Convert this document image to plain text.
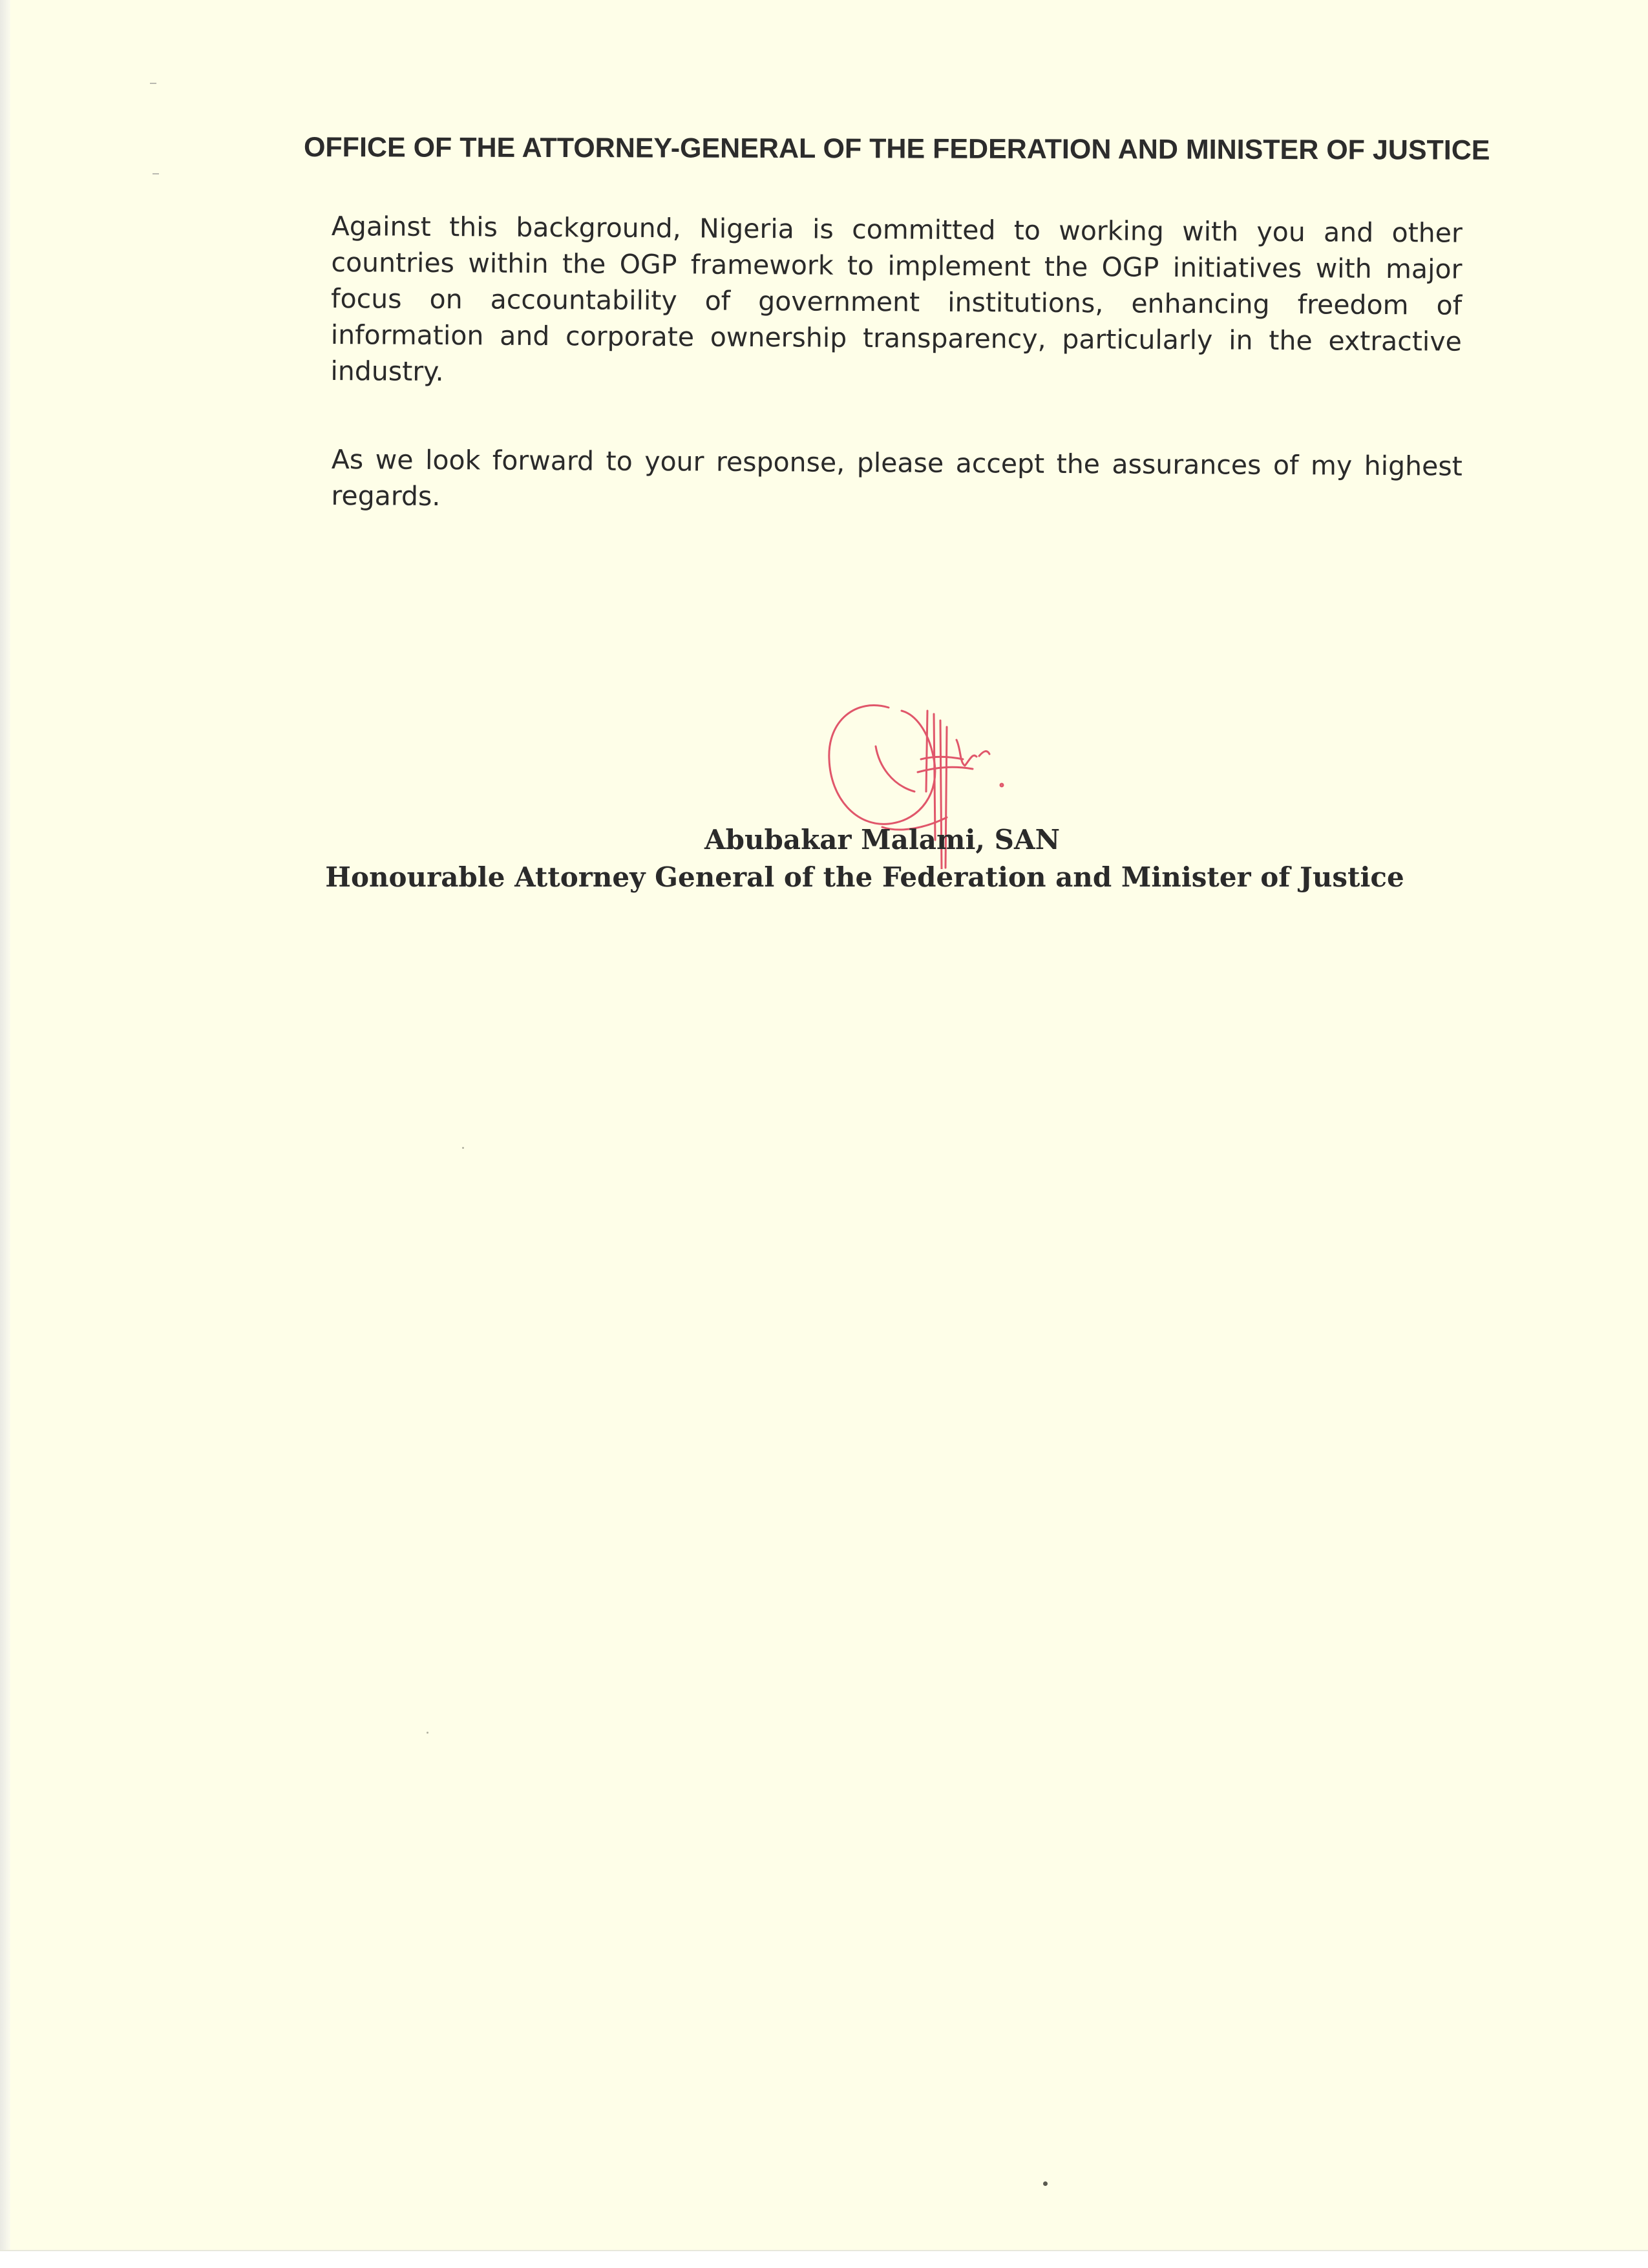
OFFICE OF THE ATTORNEY-GENERAL OF THE FEDERATION AND MINISTER OF JUSTICE
Against this background, Nigeria is committed to working with you and other countries within the OGP framework to implement the OGP initiatives with major focus on accountability of government institutions, enhancing freedom of information and corporate ownership transparency, particularly in the extractive industry.
As we look forward to your response, please accept the assurances of my highest regards.
Abubakar Malami, SAN
Honourable Attorney General of the Federation and Minister of Justice
